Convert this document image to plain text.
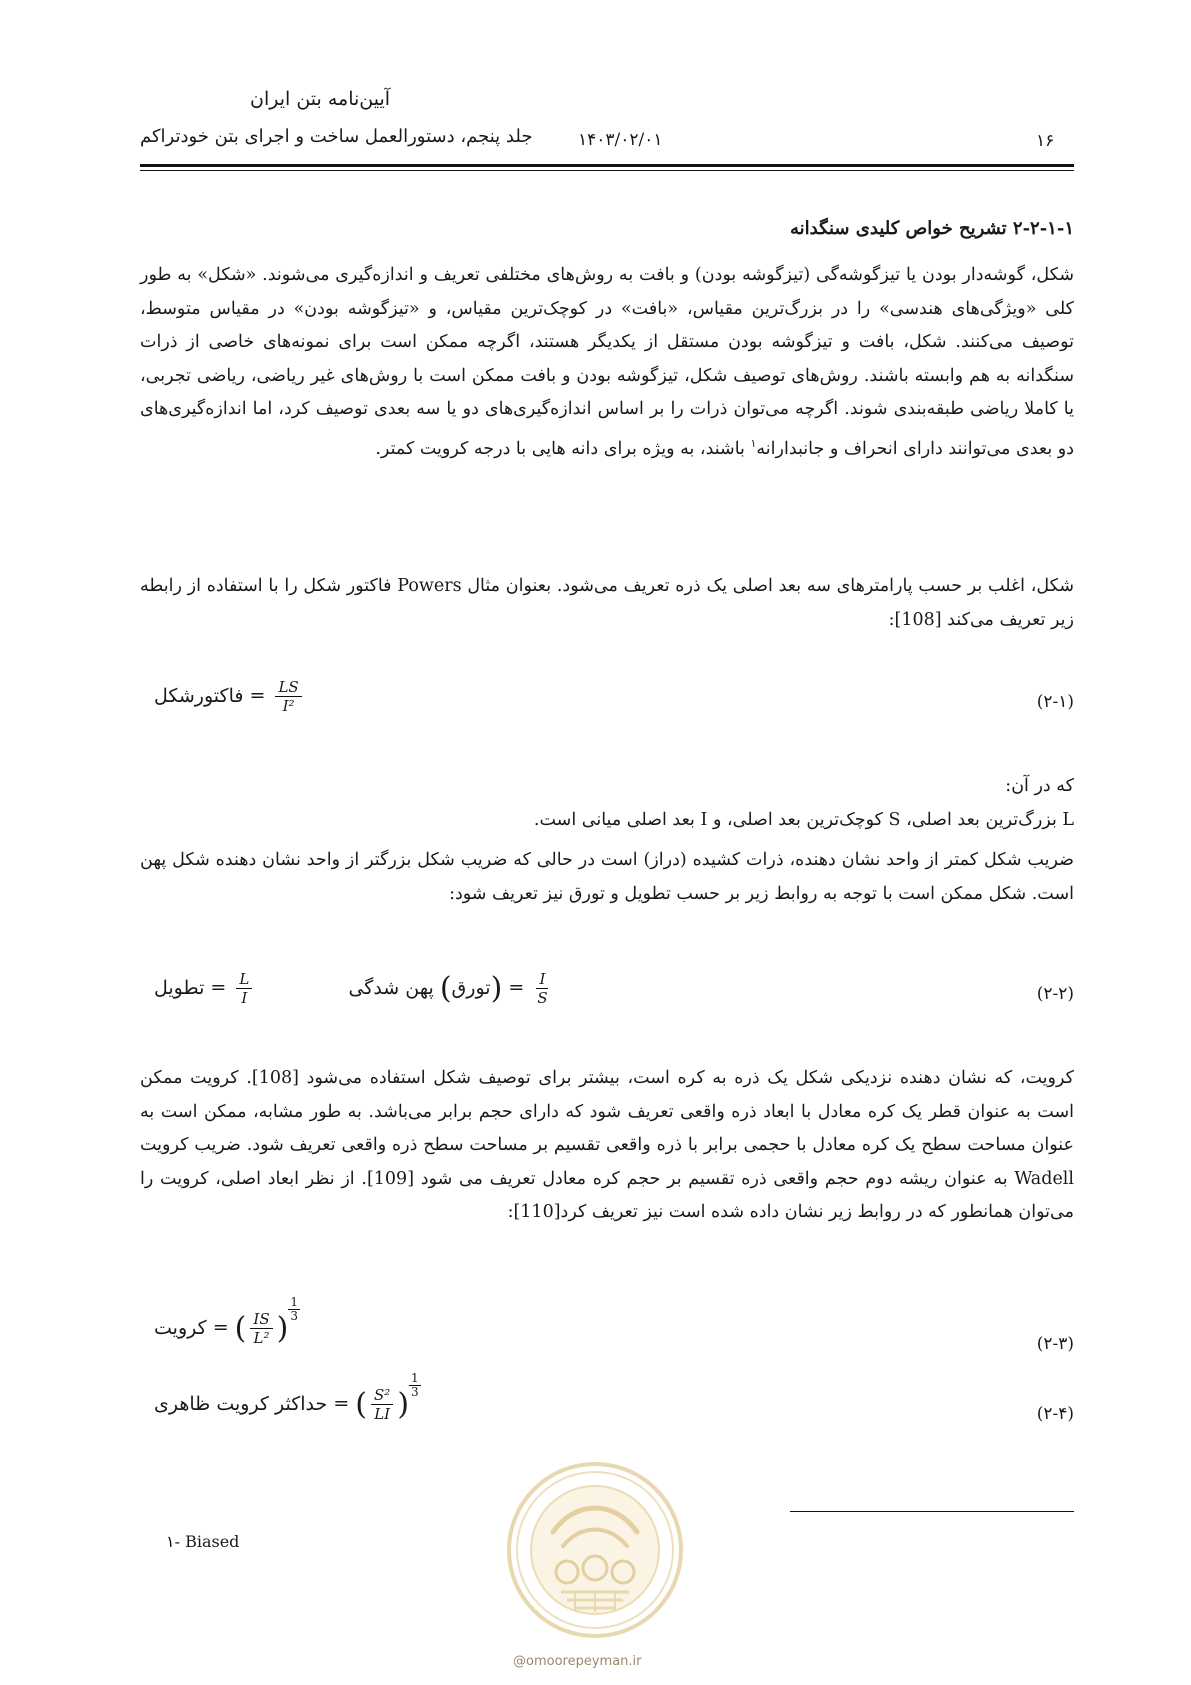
آیین‌نامه بتن ایران
جلد پنجم، دستورالعمل ساخت و اجرای بتن خودتراکم	۱۴۰۳/۰۲/۰۱	۱۶
۲-۲-۱-۱ تشریح خواص کلیدی سنگدانه
شکل، گوشه‌دار بودن یا تیزگوشه‌گی (تیزگوشه بودن) و بافت به روش‌های مختلفی تعریف و اندازه‌گیری می‌شوند. «شکل» به طور کلی «ویژگی‌های هندسی» را در بزرگ‌ترین مقیاس، «بافت» در کوچک‌ترین مقیاس، و «تیزگوشه بودن» در مقیاس متوسط، توصیف می‌کنند. شکل، بافت و تیزگوشه بودن مستقل از یکدیگر هستند، اگرچه ممکن است برای نمونه‌های خاصی از ذرات سنگدانه به هم وابسته باشند. روش‌های توصیف شکل، تیزگوشه بودن و بافت ممکن است با روش‌های غیر ریاضی، ریاضی تجربی، یا کاملا ریاضی طبقه‌بندی شوند. اگرچه می‌توان ذرات را بر اساس اندازه‌گیری‌های دو یا سه بعدی توصیف کرد، اما اندازه‌گیری‌های دو بعدی می‌توانند دارای انحراف و جانبدارانه$^۱$ باشند، به ویژه برای دانه هایی با درجه کرویت کمتر.
شکل، اغلب بر حسب پارامترهای سه بعد اصلی یک ذره تعریف می‌شود. بعنوان مثال Powers فاکتور شکل را با استفاده از رابطه زیر تعریف می‌کند [108]:
(۲-۱)
فاکتورشکل = $\frac{LS}{\text{I²}}$
که در آن:
L بزرگ‌ترین بعد اصلی، S کوچک‌ترین بعد اصلی، و I بعد اصلی میانی است.
ضریب شکل کمتر از واحد نشان دهنده، ذرات کشیده (دراز) است در حالی که ضریب شکل بزرگتر از واحد نشان دهنده شکل پهن است. شکل ممکن است با توجه به روابط زیر بر حسب تطویل و تورق نیز تعریف شود:
(۲-۲)
تطویل = $\frac{L}{I}$	پهن شدگی (تورق) = $\frac{I}{S}$
کرویت، که نشان دهنده نزدیکی شکل یک ذره به کره است، بیشتر برای توصیف شکل استفاده می‌شود [108]. کرویت ممکن است به عنوان قطر یک کره معادل با ابعاد ذره واقعی تعریف شود که دارای حجم برابر می‌باشد. به طور مشابه، ممکن است به عنوان مساحت سطح یک کره معادل با حجمی برابر با ذره واقعی تقسیم بر مساحت سطح ذره واقعی تعریف شود. ضریب کرویت Wadell به عنوان ریشه دوم حجم واقعی ذره تقسیم بر حجم کره معادل تعریف می شود [109]. از نظر ابعاد اصلی، کرویت را می‌توان همانطور که در روابط زیر نشان داده شده است نیز تعریف کرد[110]:
(۲-۳)
کرویت = ( $\frac{IS}{\text{L²}}$ )
$\frac{1}{3}$
(۲-۴)
حداکثر کرویت ظاهری = ( $\frac{\text{S²}}{LI}$ )
$\frac{1}{3}$
۱- Biased
@omoorepeyman.ir
